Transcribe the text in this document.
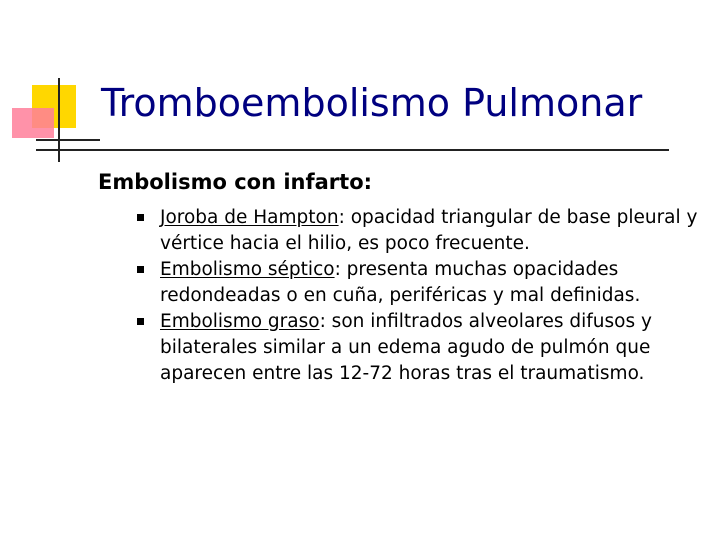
Tromboembolismo Pulmonar
Embolismo con infarto:
Joroba de Hampton: opacidad triangular de base pleural y vértice hacia el hilio, es poco frecuente.
Embolismo séptico: presenta muchas opacidades redondeadas o en cuña, periféricas y mal definidas.
Embolismo graso: son infiltrados alveolares difusos y bilaterales similar a un edema agudo de pulmón que aparecen entre las 12-72 horas tras el traumatismo.
